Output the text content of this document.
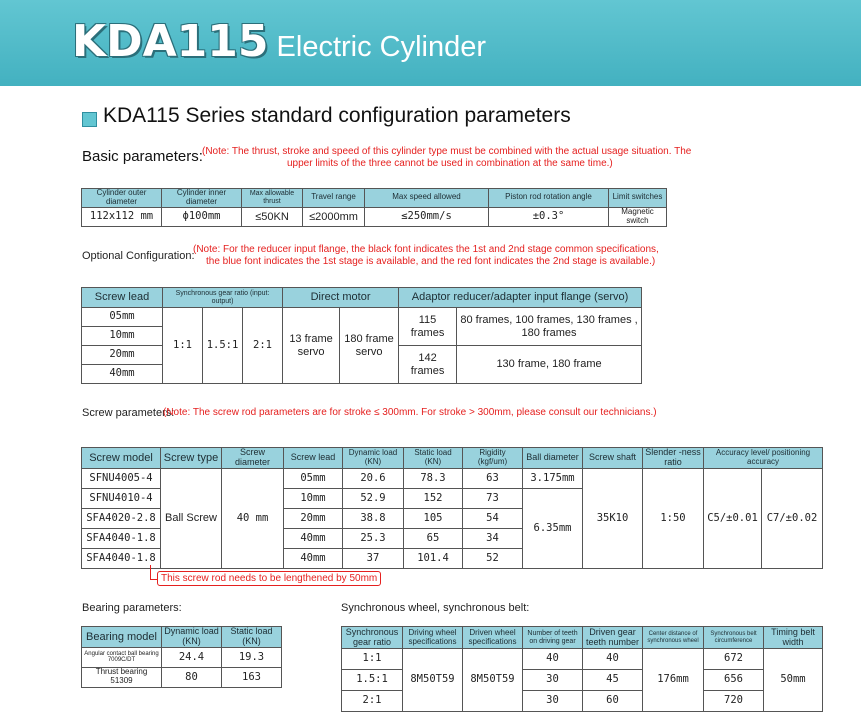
KDA115 Electric Cylinder
KDA115 Series standard configuration parameters
Basic parameters: (Note: The thrust, stroke and speed of this cylinder type must be combined with the actual usage situation. The
upper limits of the three cannot be used in combination at the same time.)
Cylinder outer diameter	Cylinder inner diameter	Max allowable thrust	Travel range	Max speed allowed	Piston rod rotation angle	Limit switches
112x112 mm	ϕ100mm	≤50KN	≤2000mm	≤250mm/s	±0.3°	Magnetic switch
Optional Configuration:
(Note: For the reducer input flange, the black font indicates the 1st and 2nd stage common specifications,
the blue font indicates the 1st stage is available, and the red font indicates the 2nd stage is available.)
Screw lead	Synchronous gear ratio (input: output)			Direct motor		Adaptor reducer/adapter input flange (servo)	
05mm	1:1	1.5:1	2:1	13 frame servo	180 frame servo	115 frames	80 frames, 100 frames, 130 frames , 180 frames
10mm							
20mm						142 frames	130 frame, 180 frame
40mm							
Screw parameters:
(Note: The screw rod parameters are for stroke ≤ 300mm. For stroke > 300mm, please consult our technicians.)
Screw model	Screw type	Screw diameter	Screw lead	Dynamic load (KN)	Static load (KN)	Rigidity (kgf/um)	Ball diameter	Screw shaft	Slender -ness ratio	Accuracy level/ positioning accuracy	
SFNU4005-4	Ball Screw	40 mm	05mm	20.6	78.3	63	3.175mm	35K10	1:50	C5/±0.01	C7/±0.02
SFNU4010-4			10mm	52.9	152	73	6.35mm				
SFA4020-2.8			20mm	38.8	105	54					
SFA4040-1.8			40mm	25.3	65	34					
SFA4040-1.8			40mm	37	101.4	52					
This screw rod needs to be lengthened by 50mm
Bearing parameters:
Bearing model	Dynamic load (KN)	Static load (KN)
Angular contact ball bearing 7009C/DT	24.4	19.3
Thrust bearing 51309	80	163
Synchronous wheel, synchronous belt:
Synchronous gear ratio	Driving wheel specifications	Driven wheel specifications	Number of teeth on driving gear	Driven gear teeth number	Center distance of synchronous wheel	Synchronous belt circumference	Timing belt width
1:1	8M50T59	8M50T59	40	40	176mm	672	50mm
1.5:1			30	45		656	
2:1			30	60		720	
